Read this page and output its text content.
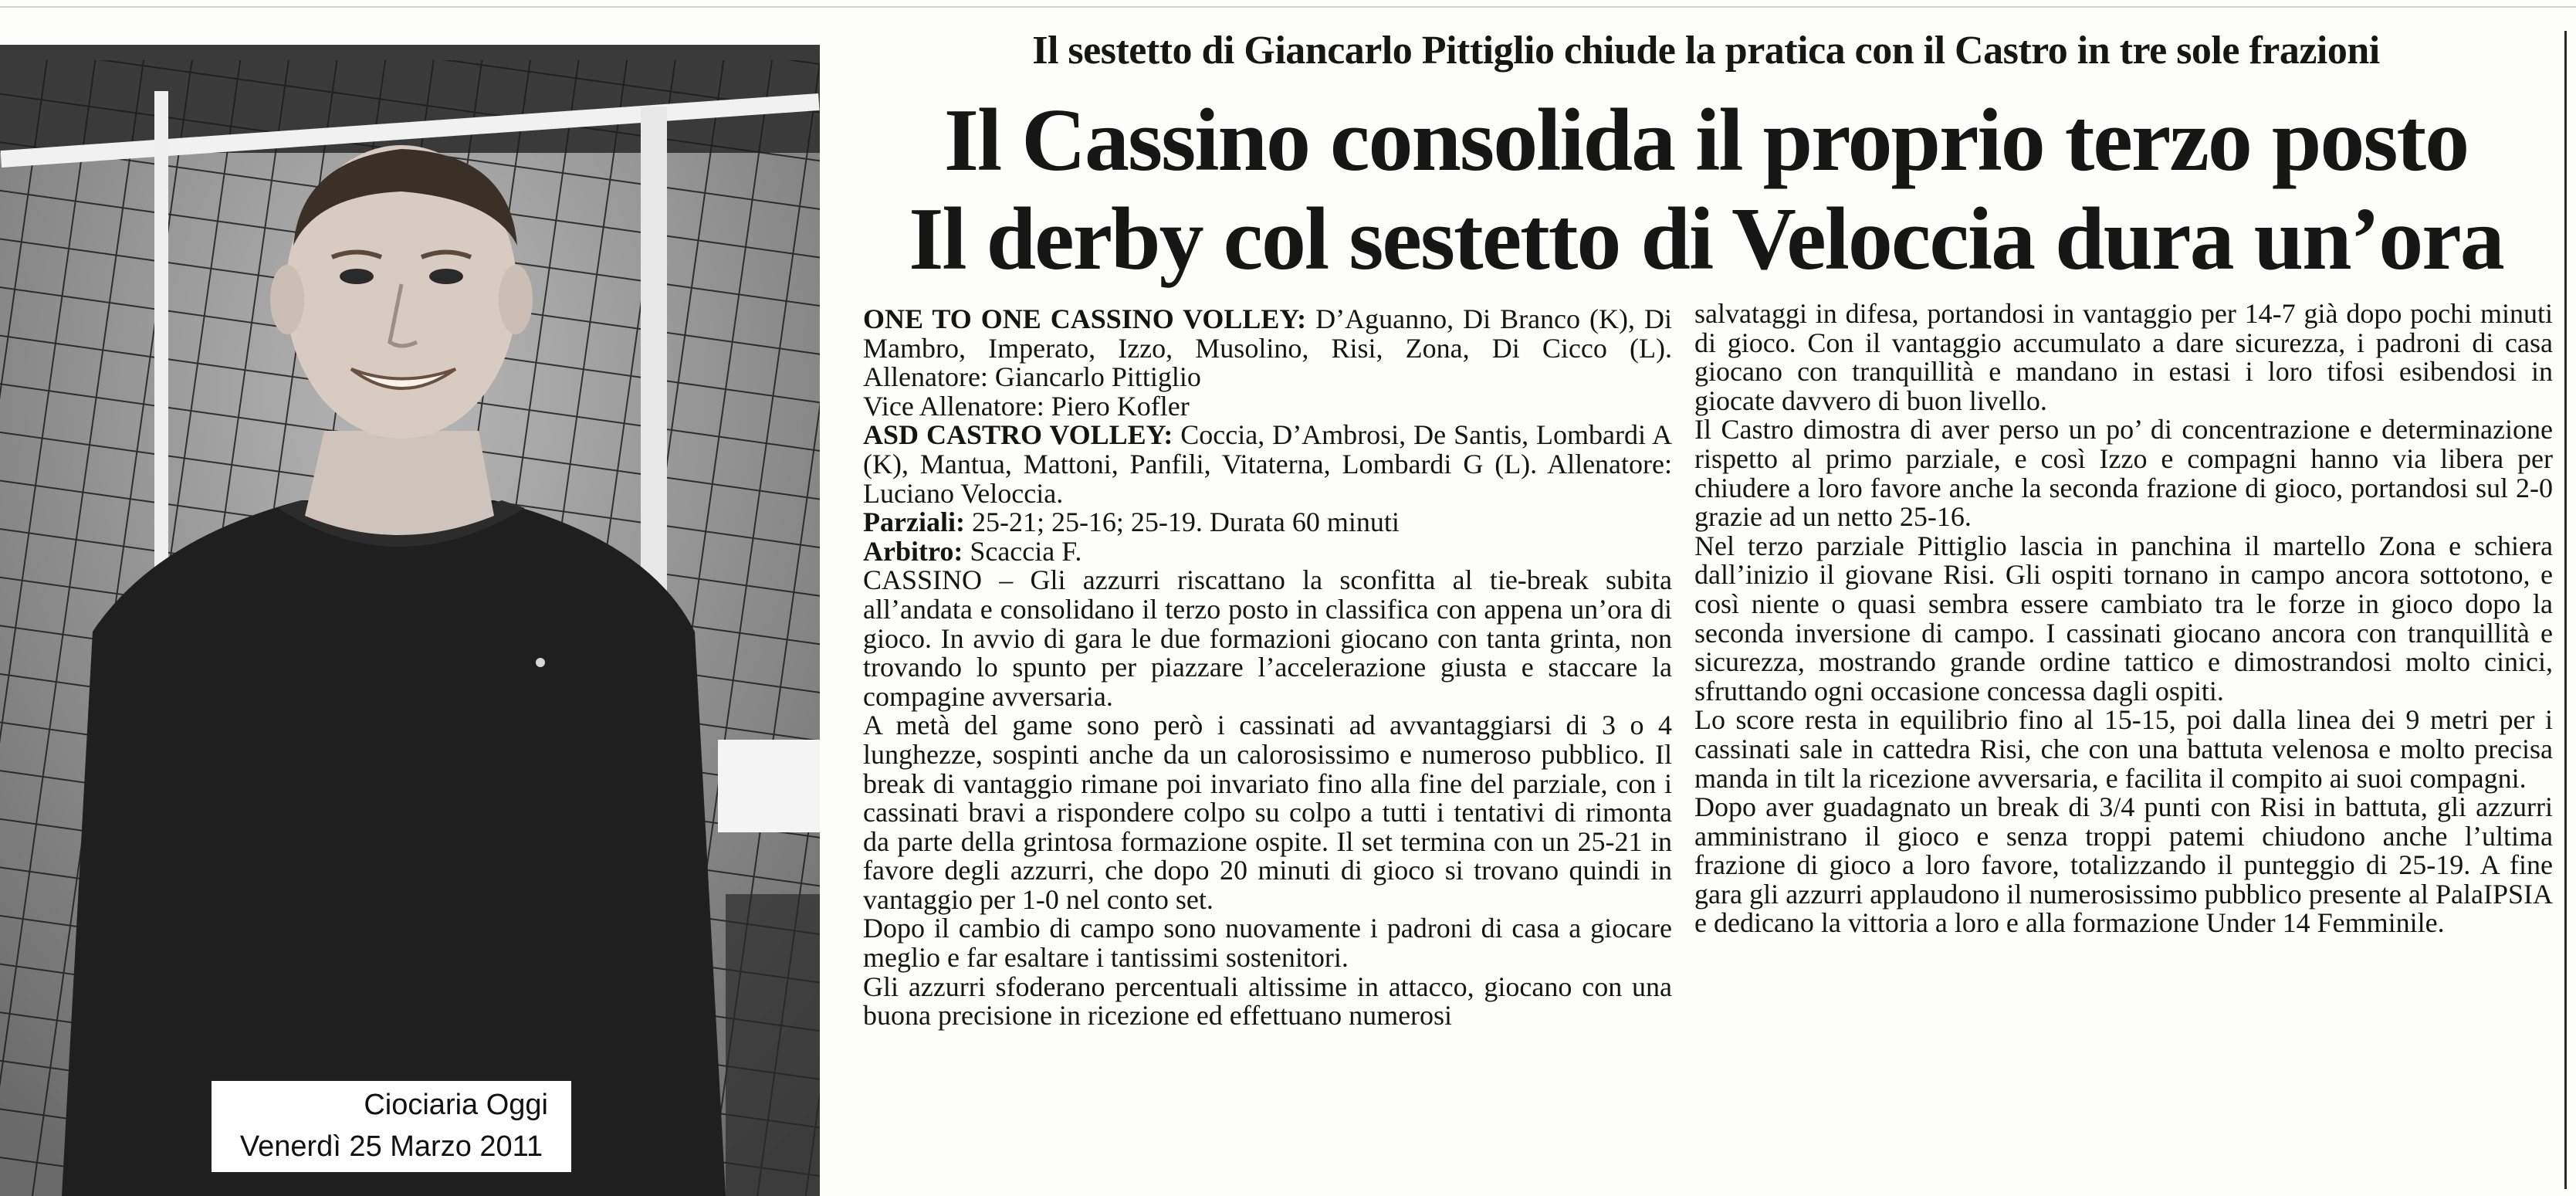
Ciociaria Oggi
Venerdì 25 Marzo 2011
Il sestetto di Giancarlo Pittiglio chiude la pratica con il Castro in tre sole frazioni
Il Cassino consolida il proprio terzo posto
Il derby col sestetto di Veloccia dura un’ora

ONE TO ONE CASSINO VOLLEY: D’Aguanno, Di Branco (K), Di Mambro, Imperato, Izzo, Musolino, Risi, Zona, Di Cicco (L). Allenatore: Giancarlo Pittiglio

Vice Allenatore: Piero Kofler

ASD CASTRO VOLLEY: Coccia, D’Ambrosi, De Santis, Lombardi A (K), Mantua, Mattoni, Panfili, Vitaterna, Lombardi G (L). Allenatore: Luciano Veloccia.

Parziali: 25-21; 25-16; 25-19. Durata 60 minuti

Arbitro: Scaccia F.

CASSINO – Gli azzurri riscattano la sconfitta al tie-break subita all’andata e consolidano il terzo posto in classifica con appena un’ora di gioco. In avvio di gara le due formazioni giocano con tanta grinta, non trovando lo spunto per piazzare l’accelerazione giusta e staccare la compagine avversaria.

A metà del game sono però i cassinati ad avvantaggiarsi di 3 o 4 lunghezze, sospinti anche da un calorosissimo e numeroso pubblico. Il break di vantaggio rimane poi invariato fino alla fine del parziale, con i cassinati bravi a rispondere colpo su colpo a tutti i tentativi di rimonta da parte della grintosa formazione ospite. Il set termina con un 25-21 in favore degli azzurri, che dopo 20 minuti di gioco si trovano quindi in vantaggio per 1-0 nel conto set.

Dopo il cambio di campo sono nuovamente i padroni di casa a giocare meglio e far esaltare i tantissimi sostenitori.

Gli azzurri sfoderano percentuali altissime in attacco, giocano con una buona precisione in ricezione ed effettuano numerosi

salvataggi in difesa, portandosi in vantaggio per 14-7 già dopo pochi minuti di gioco. Con il vantaggio accumulato a dare sicurezza, i padroni di casa giocano con tranquillità e mandano in estasi i loro tifosi esibendosi in giocate davvero di buon livello.

Il Castro dimostra di aver perso un po’ di concentrazione e determinazione rispetto al primo parziale, e così Izzo e compagni hanno via libera per chiudere a loro favore anche la seconda frazione di gioco, portandosi sul 2-0 grazie ad un netto 25-16.

Nel terzo parziale Pittiglio lascia in panchina il martello Zona e schiera dall’inizio il giovane Risi. Gli ospiti tornano in campo ancora sottotono, e così niente o quasi sembra essere cambiato tra le forze in gioco dopo la seconda inversione di campo. I cassinati giocano ancora con tranquillità e sicurezza, mostrando grande ordine tattico e dimostrandosi molto cinici, sfruttando ogni occasione concessa dagli ospiti.

Lo score resta in equilibrio fino al 15-15, poi dalla linea dei 9 metri per i cassinati sale in cattedra Risi, che con una battuta velenosa e molto precisa manda in tilt la ricezione avversaria, e facilita il compito ai suoi compagni.

Dopo aver guadagnato un break di 3/4 punti con Risi in battuta, gli azzurri amministrano il gioco e senza troppi patemi chiudono anche l’ultima frazione di gioco a loro favore, totalizzando il punteggio di 25-19. A fine gara gli azzurri applaudono il numerosissimo pubblico presente al PalaIPSIA e dedicano la vittoria a loro e alla formazione Under 14 Femminile.
